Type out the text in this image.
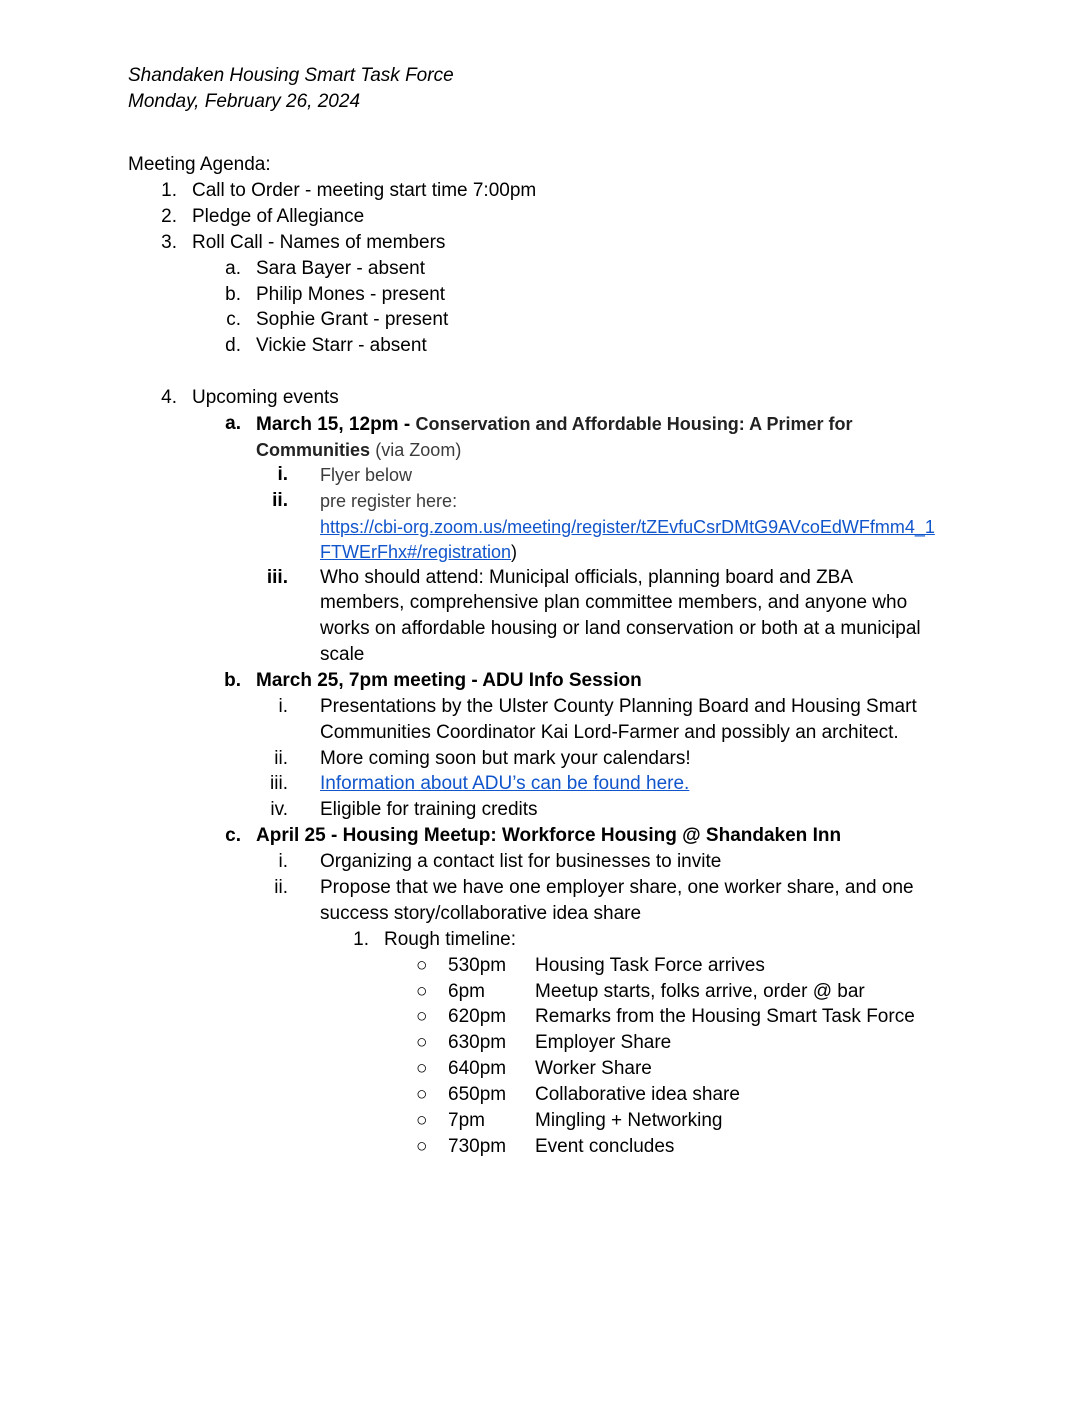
Shandaken Housing Smart Task Force
Monday, February 26, 2024
Meeting Agenda:
1. Call to Order - meeting start time 7:00pm
2. Pledge of Allegiance
3. Roll Call - Names of members
a. Sara Bayer - absent
b. Philip Mones - present
c. Sophie Grant - present
d. Vickie Starr - absent
4. Upcoming events
a. March 15, 12pm - Conservation and Affordable Housing: A Primer for
Communities (via Zoom)
i. Flyer below
ii. pre register here:
https://cbi-org.zoom.us/meeting/register/tZEvfuCsrDMtG9AVcoEdWFfmm4_1
FTWErFhx#/registration)
iii. Who should attend: Municipal officials, planning board and ZBA
members, comprehensive plan committee members, and anyone who
works on affordable housing or land conservation or both at a municipal
scale
b. March 25, 7pm meeting - ADU Info Session
i. Presentations by the Ulster County Planning Board and Housing Smart
Communities Coordinator Kai Lord-Farmer and possibly an architect.
ii. More coming soon but mark your calendars!
iii. Information about ADU’s can be found here.
iv. Eligible for training credits
c. April 25 - Housing Meetup: Workforce Housing @ Shandaken Inn
i. Organizing a contact list for businesses to invite
ii. Propose that we have one employer share, one worker share, and one
success story/collaborative idea share
1. Rough timeline:
○ 530pm Housing Task Force arrives
○ 6pm	Meetup starts, folks arrive, order @ bar
○ 620pm Remarks from the Housing Smart Task Force
○ 630pm Employer Share
○ 640pm Worker Share
○ 650pm Collaborative idea share
○ 7pm	Mingling + Networking
○ 730pm Event concludes
